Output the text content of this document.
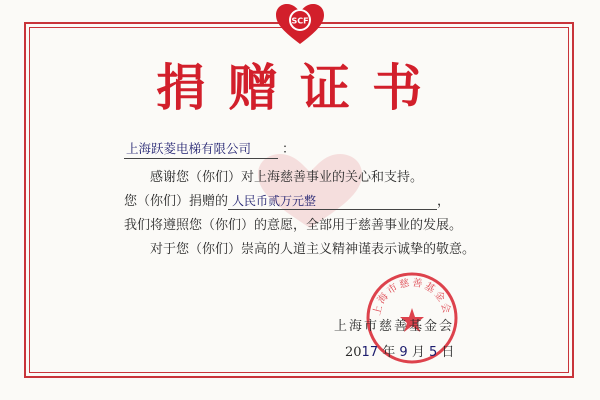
SCF
捐赠证书
上海跃菱电梯有限公司 ：

感谢您（你们）对上海慈善事业的关心和支持。

您（你们）捐赠的 人民币贰万元整	，

我们将遵照您（你们）的意愿，全部用于慈善事业的发展。

对于您（你们）崇高的人道主义精神谨表示诚挚的敬意。

上海市慈善基金会
上海市慈善基金会
2017 年 9 月 5 日
